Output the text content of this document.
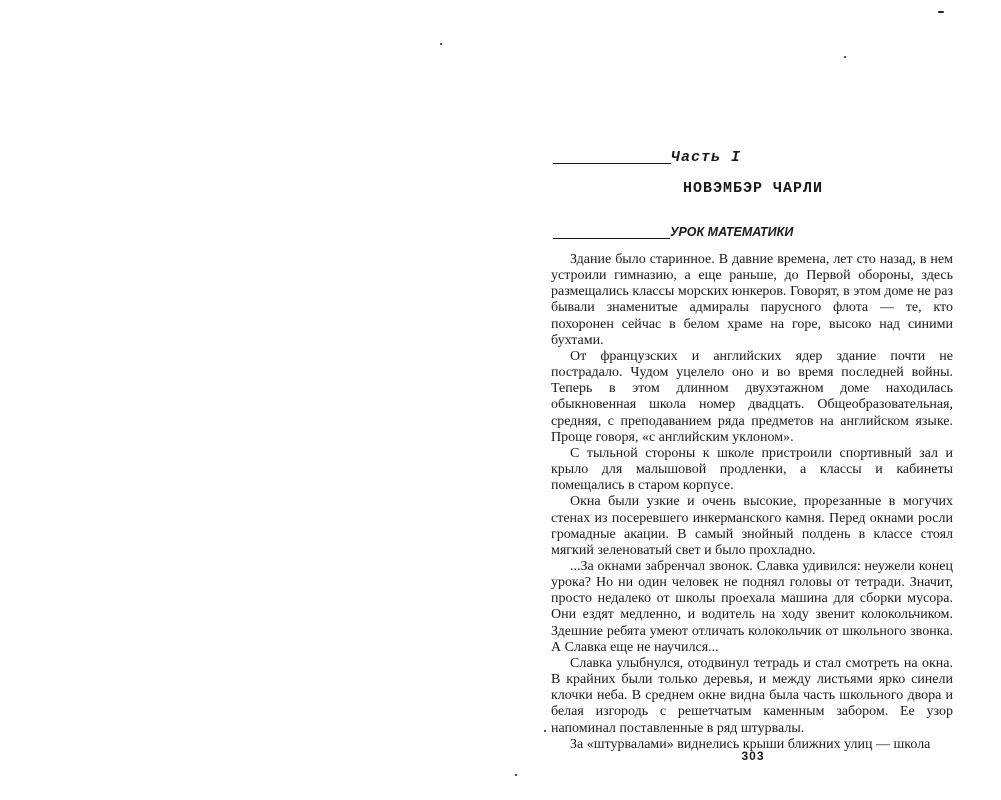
Часть I
НОВЭМБЭР ЧАРЛИ
УРОК МАТЕМАТИКИ

Здание было старинное. В давние времена, лет сто назад, в нем устроили гимназию, а еще раньше, до Первой обороны, здесь размещались классы морских юнкеров. Говорят, в этом доме не раз бывали знаменитые адмиралы парусного флота — те, кто похоронен сейчас в белом храме на горе, высоко над синими бухтами.

От французских и английских ядер здание почти не пострадало. Чудом уцелело оно и во время последней войны. Теперь в этом длинном двухэтажном доме находилась обыкновенная школа номер двадцать. Общеобразовательная, средняя, с преподаванием ряда предметов на английском языке. Проще говоря, «с английским уклоном».

С тыльной стороны к школе пристроили спортивный зал и крыло для малышовой продленки, а классы и кабинеты помещались в старом корпусе.

Окна были узкие и очень высокие, прорезанные в могучих стенах из посеревшего инкерманского камня. Перед окнами росли громадные акации. В самый знойный полдень в классе стоял мягкий зеленоватый свет и было прохладно.

...За окнами забренчал звонок. Славка удивился: неужели конец урока? Но ни один человек не поднял головы от тетради. Значит, просто недалеко от школы проехала машина для сборки мусора. Они ездят медленно, и водитель на ходу звенит колокольчиком. Здешние ребята умеют отличать колокольчик от школьного звонка. А Славка еще не научился...

Славка улыбнулся, отодвинул тетрадь и стал смотреть на окна. В крайних были только деревья, и между листьями ярко синели клочки неба. В среднем окне видна была часть школьного двора и белая изгородь с решетчатым каменным забором. Ее узор напоминал поставленные в ряд штурвалы.

За «штурвалами» виднелись крыши ближних улиц — школа

303
